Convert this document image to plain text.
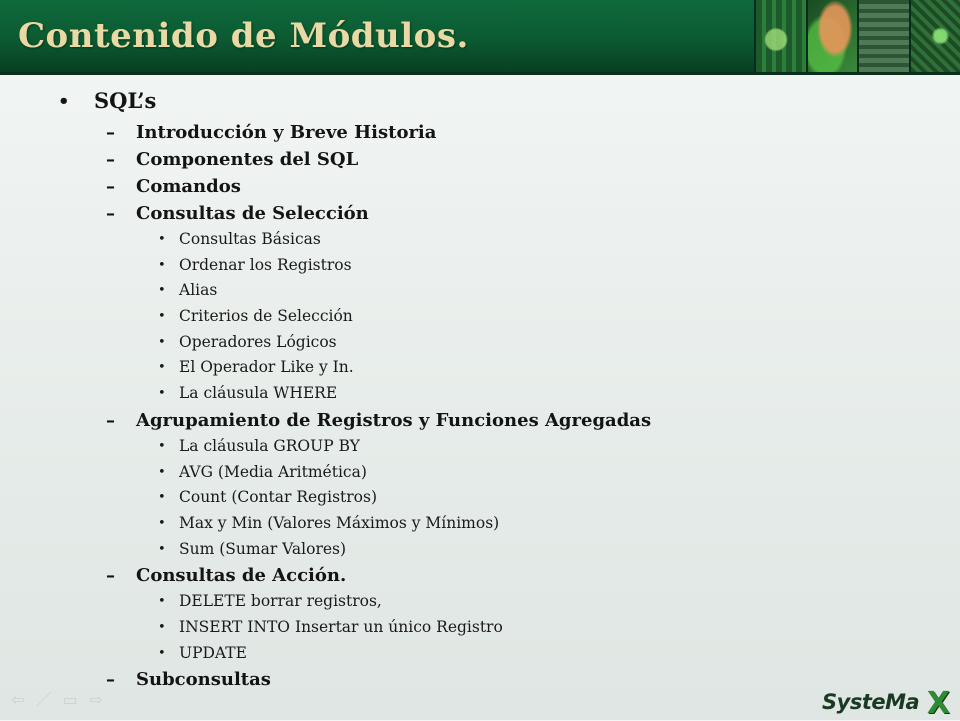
Contenido de Módulos.
• SQL’s
– Introducción y Breve Historia
– Componentes del SQL
– Comandos
– Consultas de Selección
• Consultas Básicas
• Ordenar los Registros
• Alias
• Criterios de Selección
• Operadores Lógicos
• El Operador Like y In.
• La cláusula WHERE
– Agrupamiento de Registros y Funciones Agregadas
• La cláusula GROUP BY
• AVG (Media Aritmética)
• Count (Contar Registros)
• Max y Min (Valores Máximos y Mínimos)
• Sum (Sumar Valores)
– Consultas de Acción.
• DELETE borrar registros,
• INSERT INTO Insertar un único Registro
• UPDATE
– Subconsultas
⇦ ／ ▭ ⇨	SysteMa X
